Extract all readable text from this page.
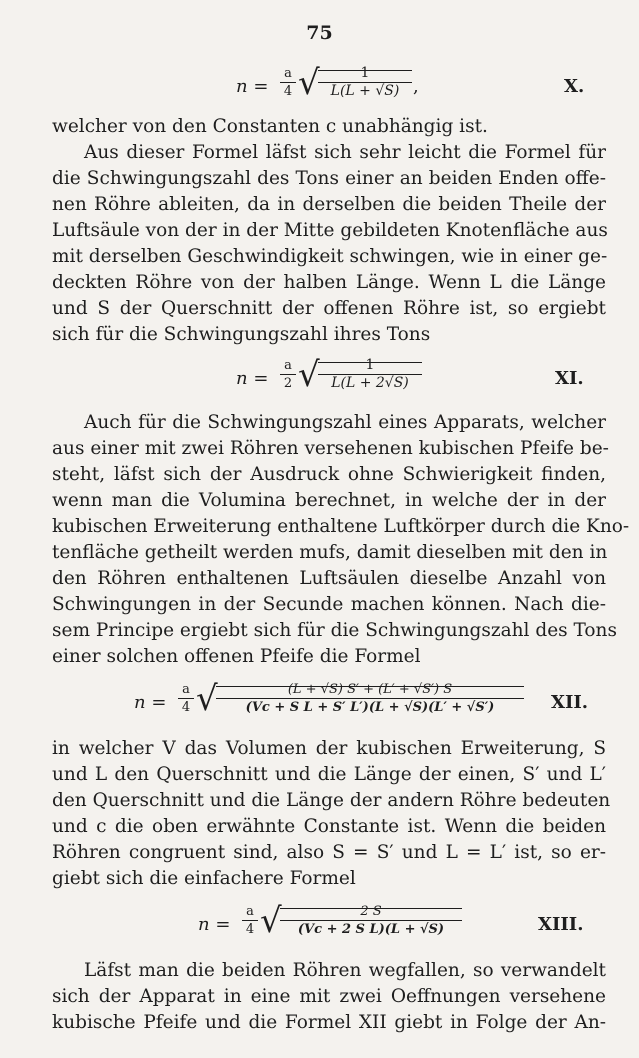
75
n =
a
4 √	1
L(L + √S) ,	X.
welcher von den Constanten c unabhängig ist.
Aus dieser Formel läfst sich sehr leicht die Formel für
die Schwingungszahl des Tons einer an beiden Enden offe-
nen Röhre ableiten, da in derselben die beiden Theile der
Luftsäule von der in der Mitte gebildeten Knotenfläche aus
mit derselben Geschwindigkeit schwingen, wie in einer ge-
deckten Röhre von der halben Länge. Wenn L die Länge
und S der Querschnitt der offenen Röhre ist, so ergiebt
sich für die Schwingungszahl ihres Tons
n =
a
2 √	1
L(L + 2√S)	XI.
Auch für die Schwingungszahl eines Apparats, welcher
aus einer mit zwei Röhren versehenen kubischen Pfeife be-
steht, läfst sich der Ausdruck ohne Schwierigkeit finden,
wenn man die Volumina berechnet, in welche der in der
kubischen Erweiterung enthaltene Luftkörper durch die Kno-
tenfläche getheilt werden mufs, damit dieselben mit den in
den Röhren enthaltenen Luftsäulen dieselbe Anzahl von
Schwingungen in der Secunde machen können. Nach die-
sem Principe ergiebt sich für die Schwingungszahl des Tons
einer solchen offenen Pfeife die Formel
n =
a
4 √	(L + √S) S′ + (L′ + √S′) S
(Vc + S L + S′ L′)(L + √S)(L′ + √S′)	XII.
in welcher V das Volumen der kubischen Erweiterung, S
und L den Querschnitt und die Länge der einen, S′ und L′
den Querschnitt und die Länge der andern Röhre bedeuten
und c die oben erwähnte Constante ist. Wenn die beiden
Röhren congruent sind, also S = S′ und L = L′ ist, so er-
giebt sich die einfachere Formel
n =
a
4 √	2 S
(Vc + 2 S L)(L + √S)	XIII.
Läfst man die beiden Röhren wegfallen, so verwandelt
sich der Apparat in eine mit zwei Oeffnungen versehene
kubische Pfeife und die Formel XII giebt in Folge der An-
